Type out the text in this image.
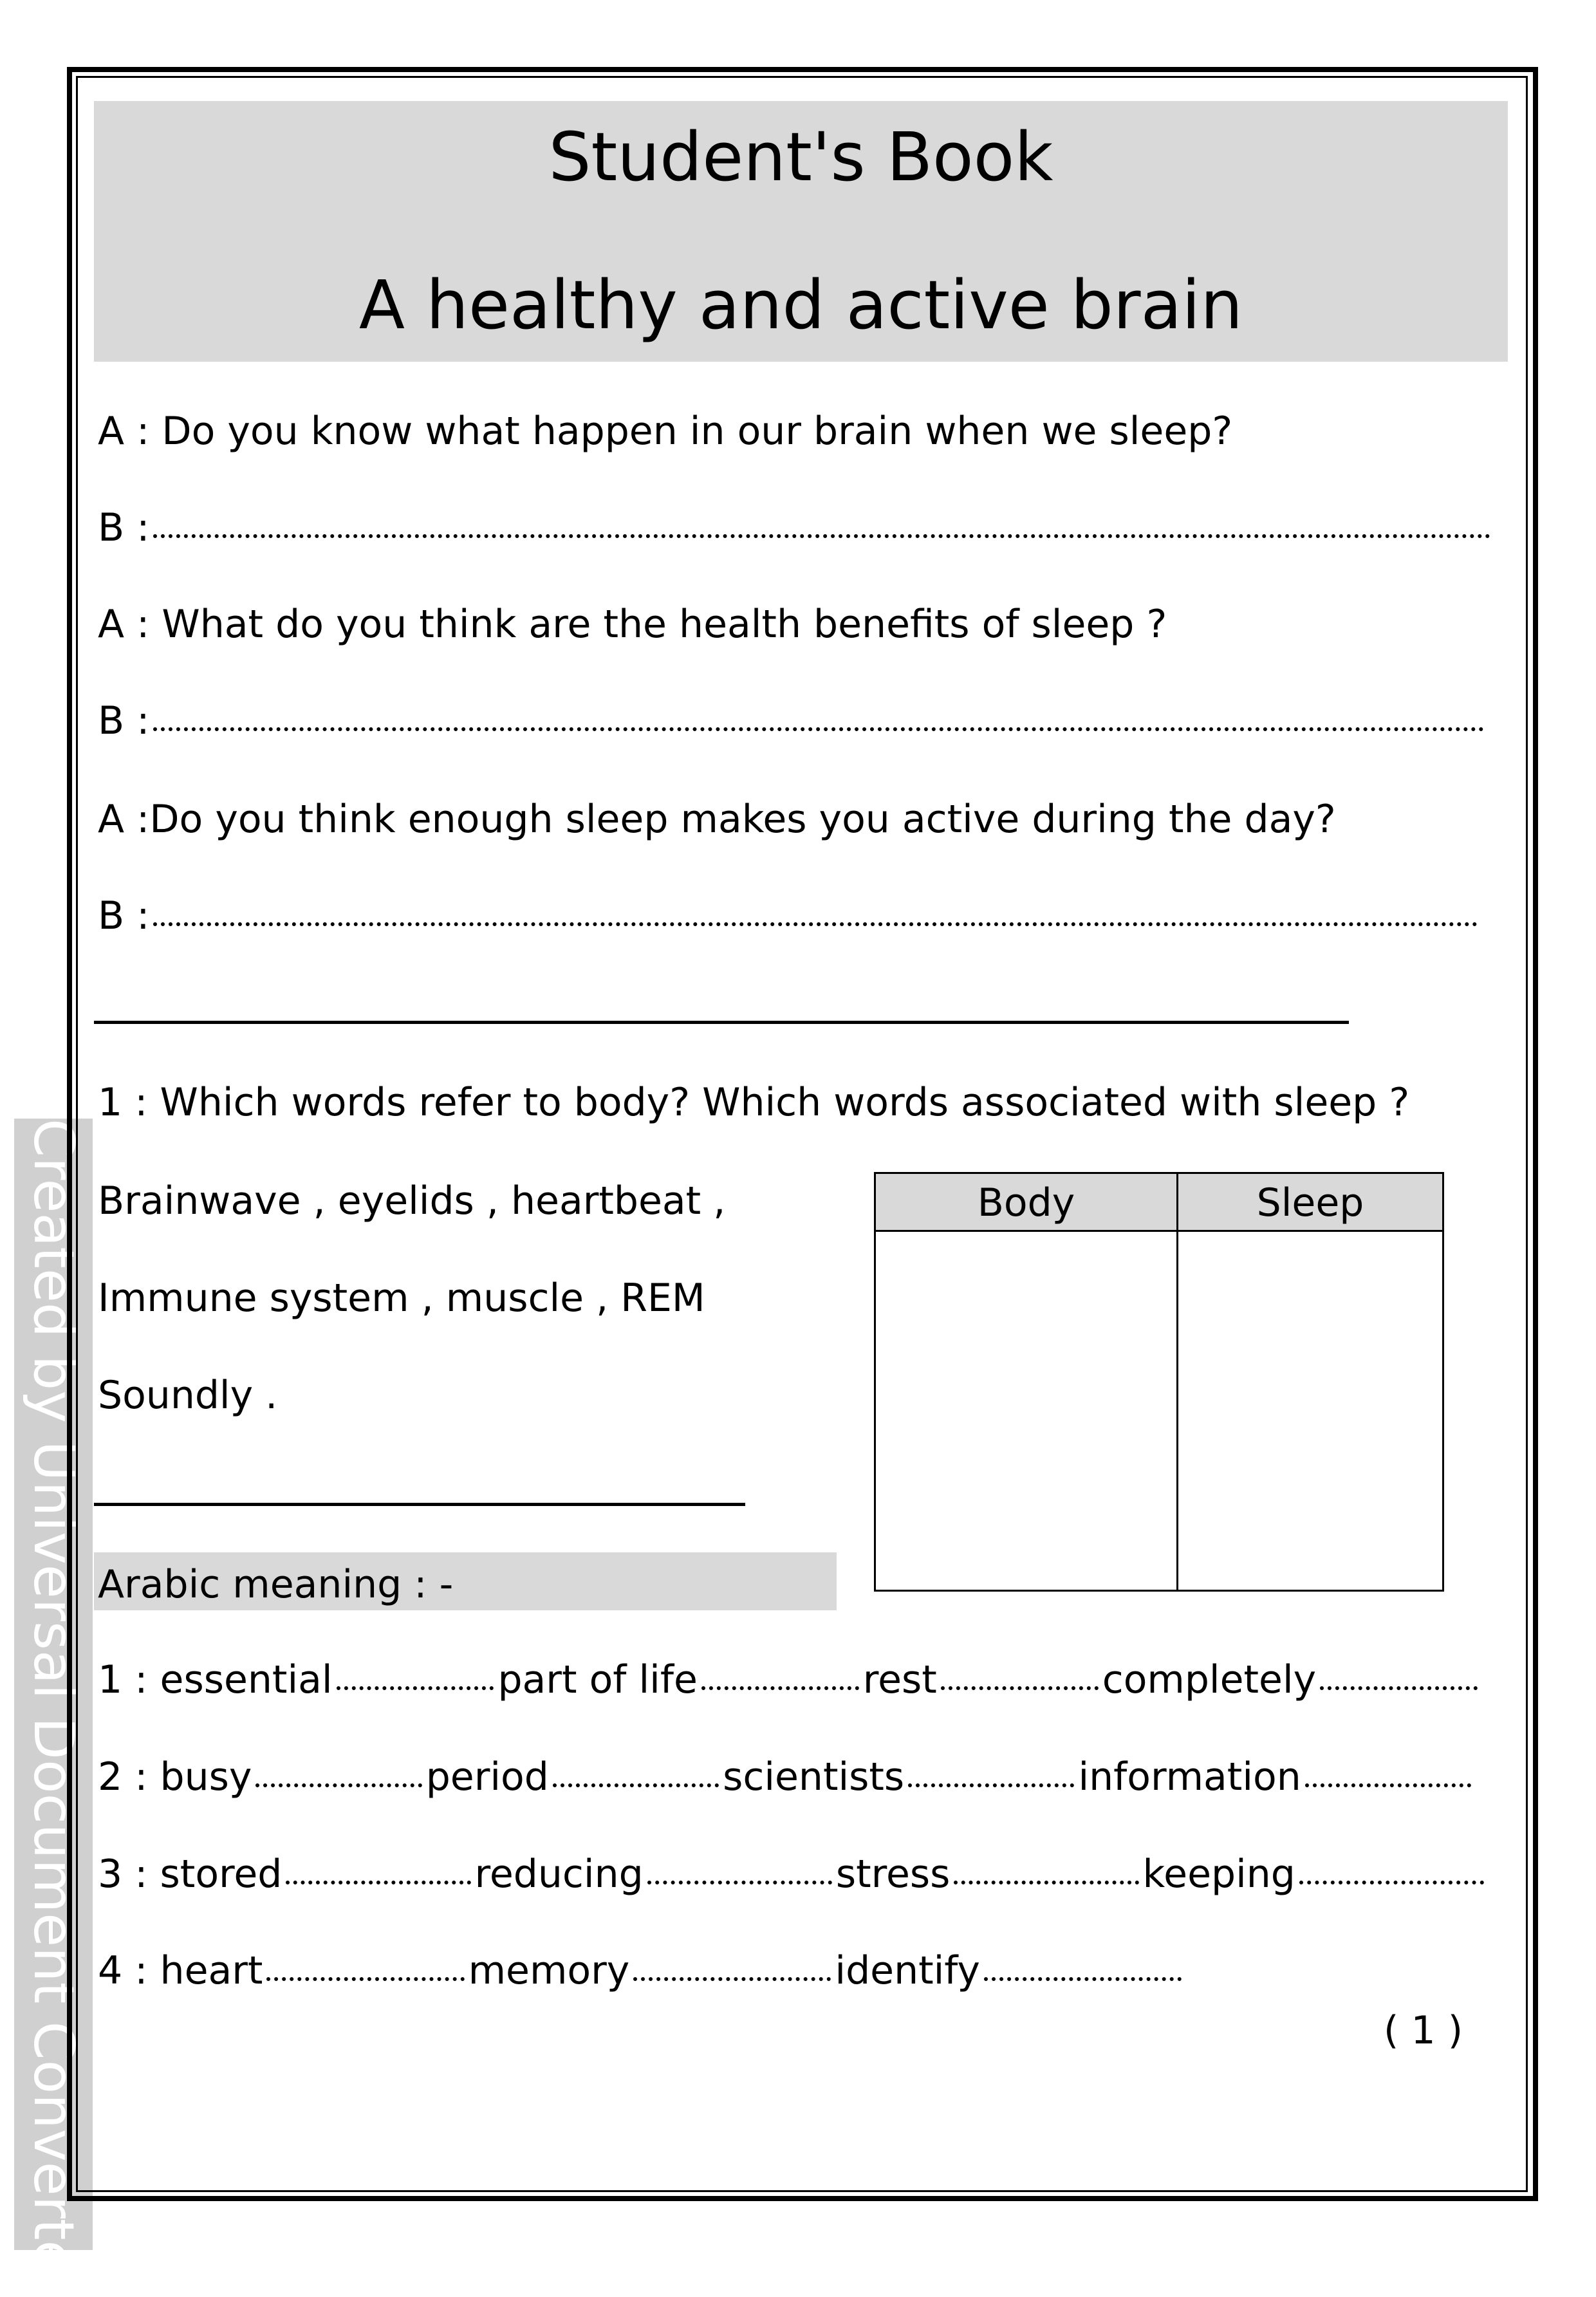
Created by Universal Document Converter
Student's Book
A healthy and active brain
A :
Do you know what happen in our brain when we sleep?
B :
A :
What do you think are the health benefits of sleep ?
B :
A : Do you think enough sleep makes you active during the day?
B :
1 : Which words refer to body? Which words associated with sleep ?
Brainwave , eyelids , heartbeat ,
Immune system , muscle , REM
Soundly .
Body	Sleep
Arabic meaning : -
1 :
essential	part of life	rest	completely
2 :
busy	period	scientists	information
3 :
stored	reducing	stress	keeping
4 :
heart	memory	identify
( 1 )
